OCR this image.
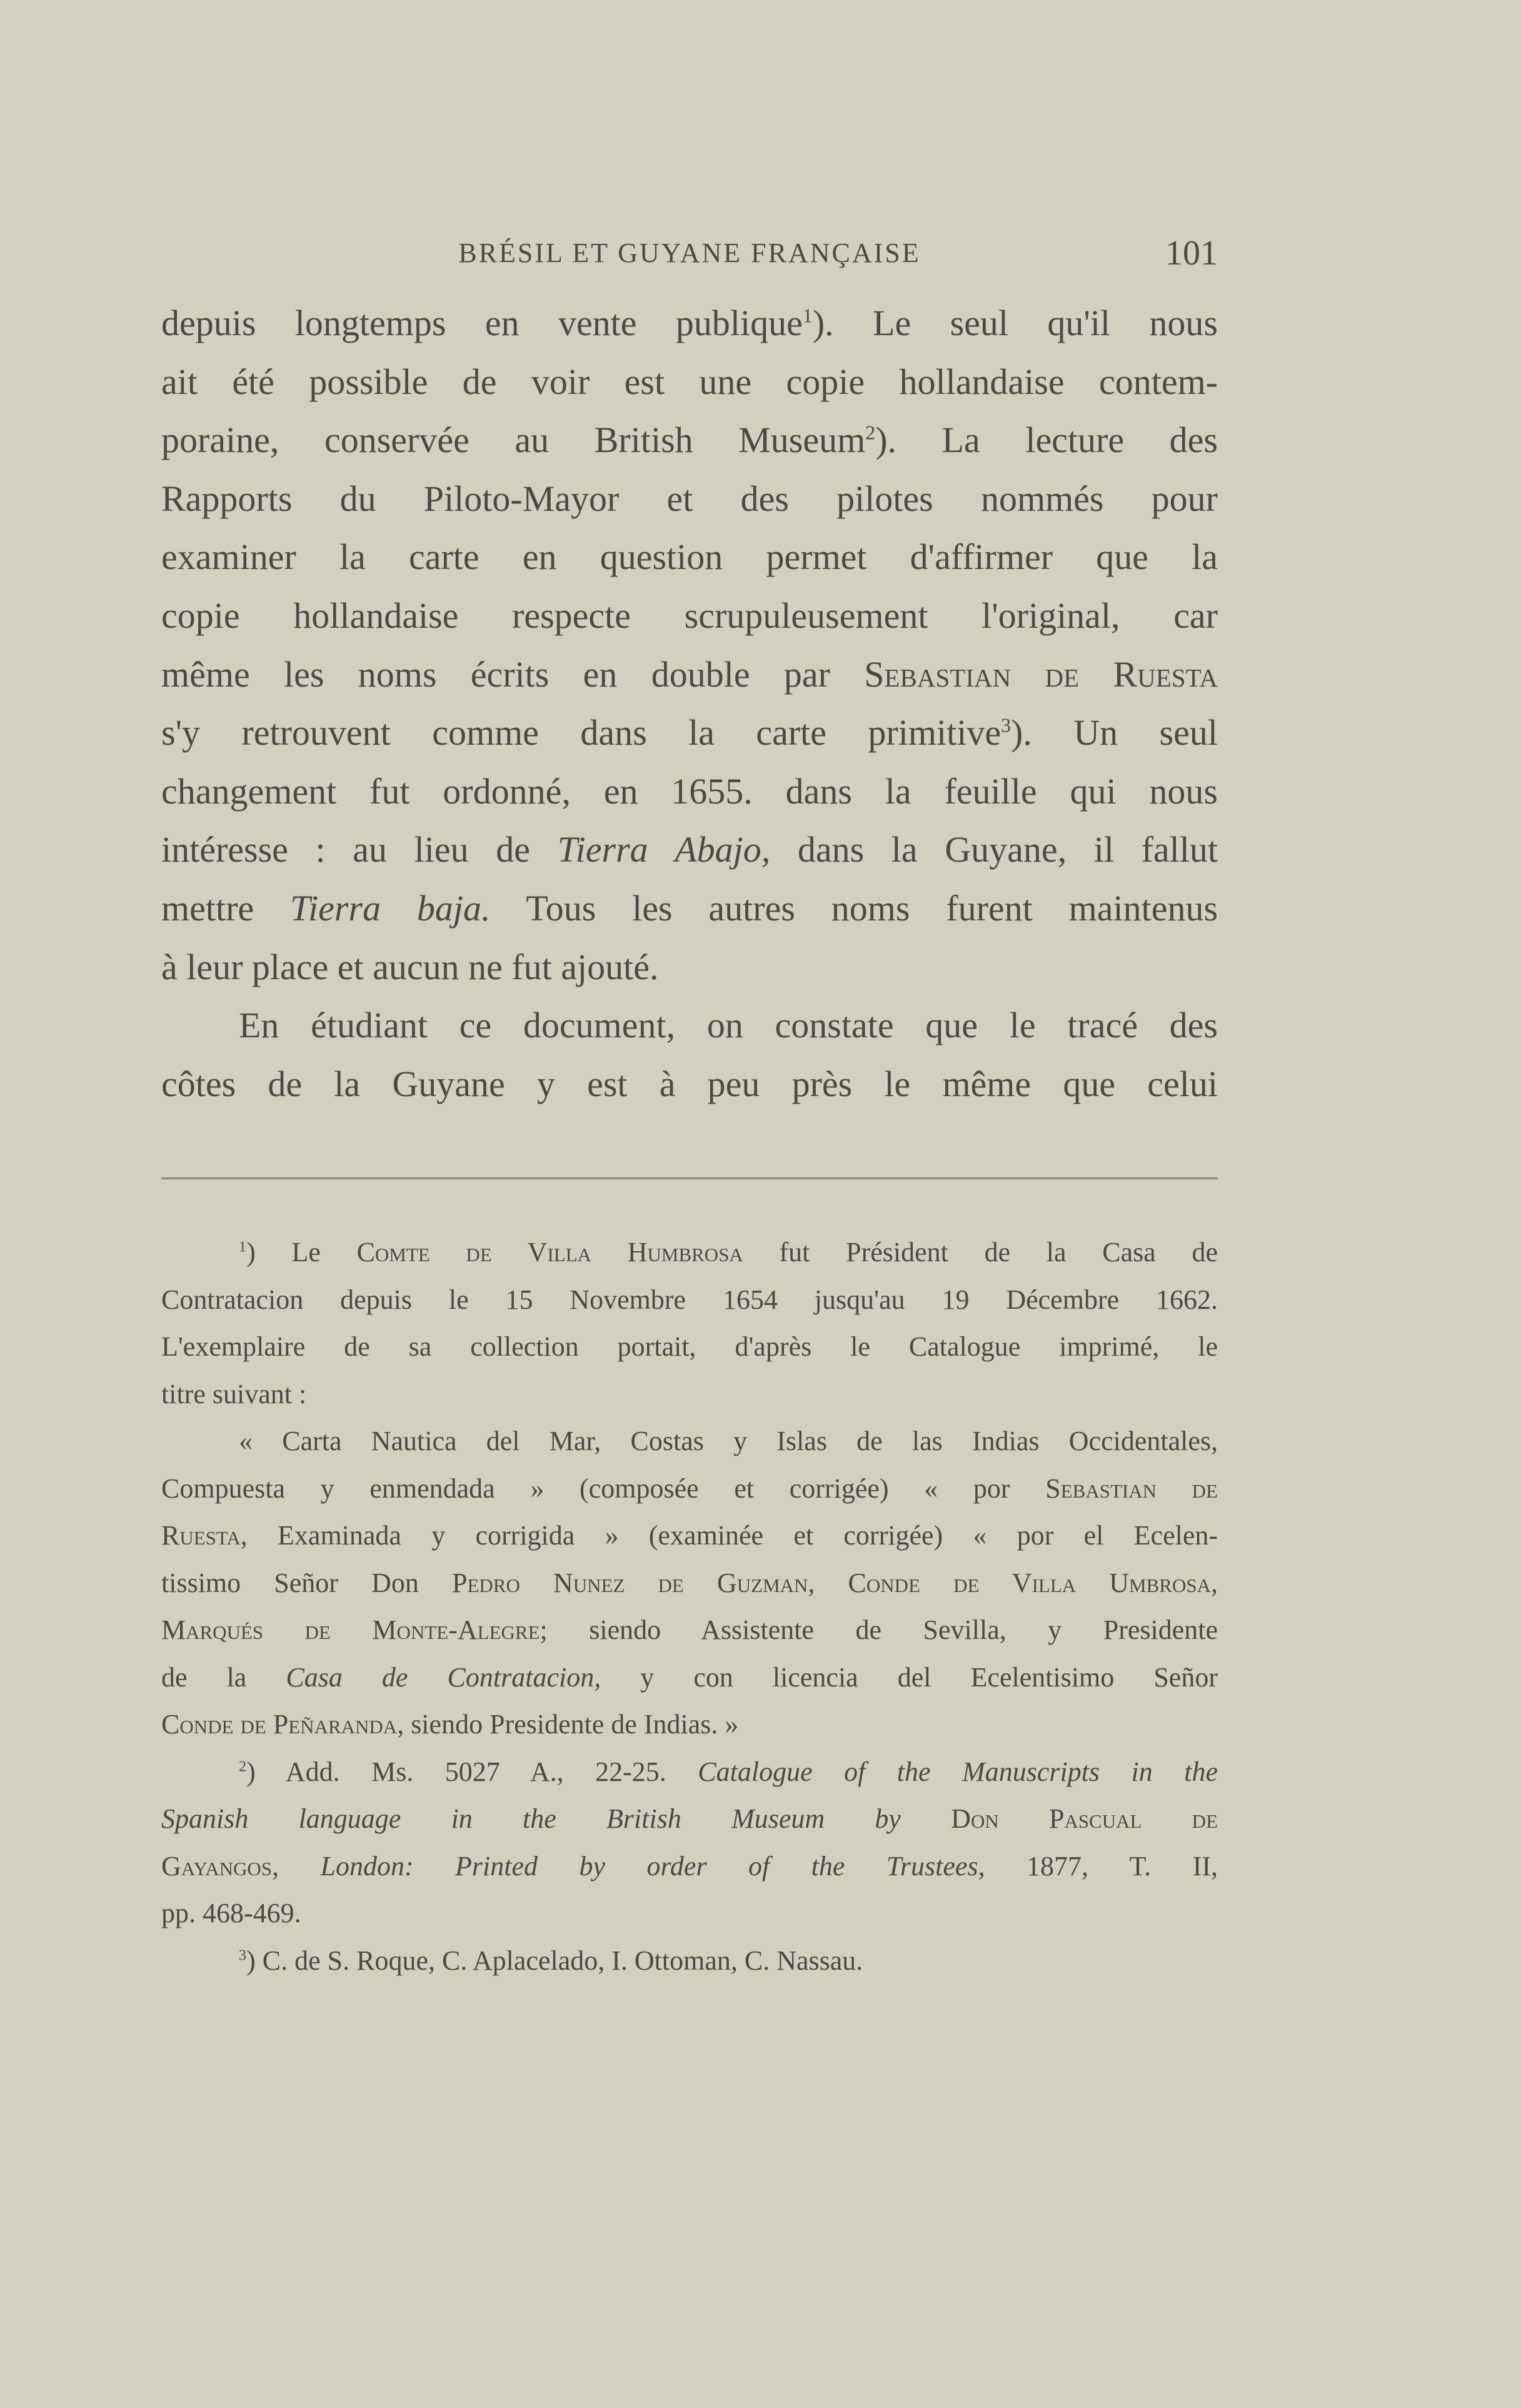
BRÉSIL ET GUYANE FRANÇAISE	101
depuis longtemps en vente publique$^1$). Le seul qu'il nous
ait été possible de voir est une copie hollandaise contem-
poraine, conservée au British Museum$^2$). La lecture des
Rapports du Piloto-Mayor et des pilotes nommés pour
examiner la carte en question permet d'affirmer que la
copie hollandaise respecte scrupuleusement l'original, car
même les noms écrits en double par Sebastian de Ruesta
s'y retrouvent comme dans la carte primitive$^3$). Un seul
changement fut ordonné, en 1655. dans la feuille qui nous
intéresse : au lieu de Tierra Abajo, dans la Guyane, il fallut
mettre Tierra baja. Tous les autres noms furent maintenus
à leur place et aucun ne fut ajouté.
En étudiant ce document, on constate que le tracé des
côtes de la Guyane y est à peu près le même que celui
$^1$) Le Comte de Villa Humbrosa fut Président de la Casa de
Contratacion depuis le 15 Novembre 1654 jusqu'au 19 Décembre 1662.
L'exemplaire de sa collection portait, d'après le Catalogue imprimé, le
titre suivant :
« Carta Nautica del Mar, Costas y Islas de las Indias Occidentales,
Compuesta y enmendada » (composée et corrigée) « por Sebastian de
Ruesta, Examinada y corrigida » (examinée et corrigée) « por el Ecelen-
tissimo Señor Don Pedro Nunez de Guzman, Conde de Villa Umbrosa,
Marqués de Monte-Alegre; siendo Assistente de Sevilla, y Presidente
de la Casa de Contratacion, y con licencia del Ecelentisimo Señor
Conde de Peñaranda, siendo Presidente de Indias. »
$^2$) Add. Ms. 5027 A., 22-25. Catalogue of the Manuscripts in the
Spanish language in the British Museum by Don Pascual de
Gayangos, London: Printed by order of the Trustees, 1877, T. II,
pp. 468-469.
$^3$) C. de S. Roque, C. Aplacelado, I. Ottoman, C. Nassau.
